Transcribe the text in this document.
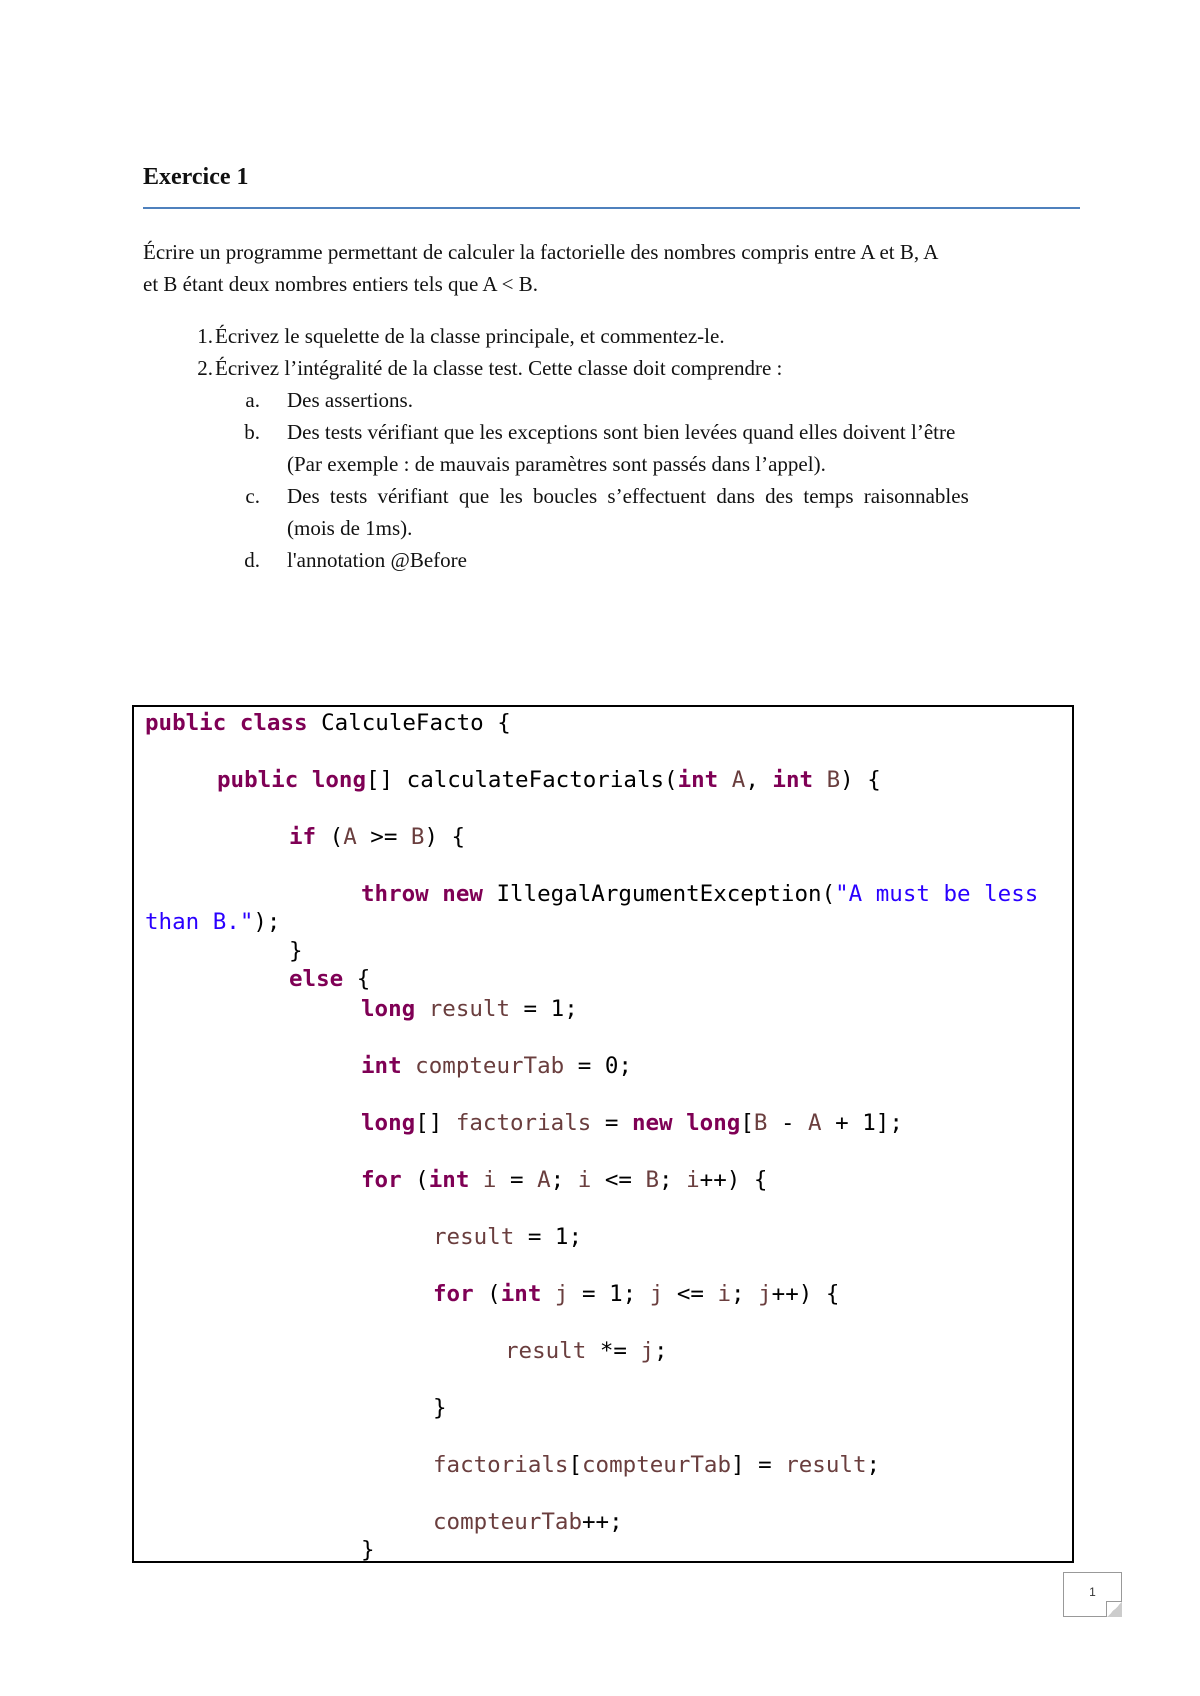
Exercice 1
Écrire un programme permettant de calculer la factorielle des nombres compris entre A et B, A
et B étant deux nombres entiers tels que A < B.
1. Écrivez le squelette de la classe principale, et commentez-le.
2. Écrivez l’intégralité de la classe test. Cette classe doit comprendre :
a. Des assertions.
b. Des tests vérifiant que les exceptions sont bien levées quand elles doivent l’être
(Par exemple : de mauvais paramètres sont passés dans l’appel).
c. Des tests vérifiant que les boucles s’effectuent dans des temps raisonnables
(mois de 1ms).
d. l'annotation @Before

public class CalculeFacto {

public long[] calculateFactorials(int A, int B) {

if (A >= B) {

throw new IllegalArgumentException("A must be less

than B.");

}

else {

long result = 1;

int compteurTab = 0;

long[] factorials = new long[B - A + 1];

for (int i = A; i <= B; i++) {

result = 1;

for (int j = 1; j <= i; j++) {

result *= j;

}

factorials[compteurTab] = result;

compteurTab++;

}

1
